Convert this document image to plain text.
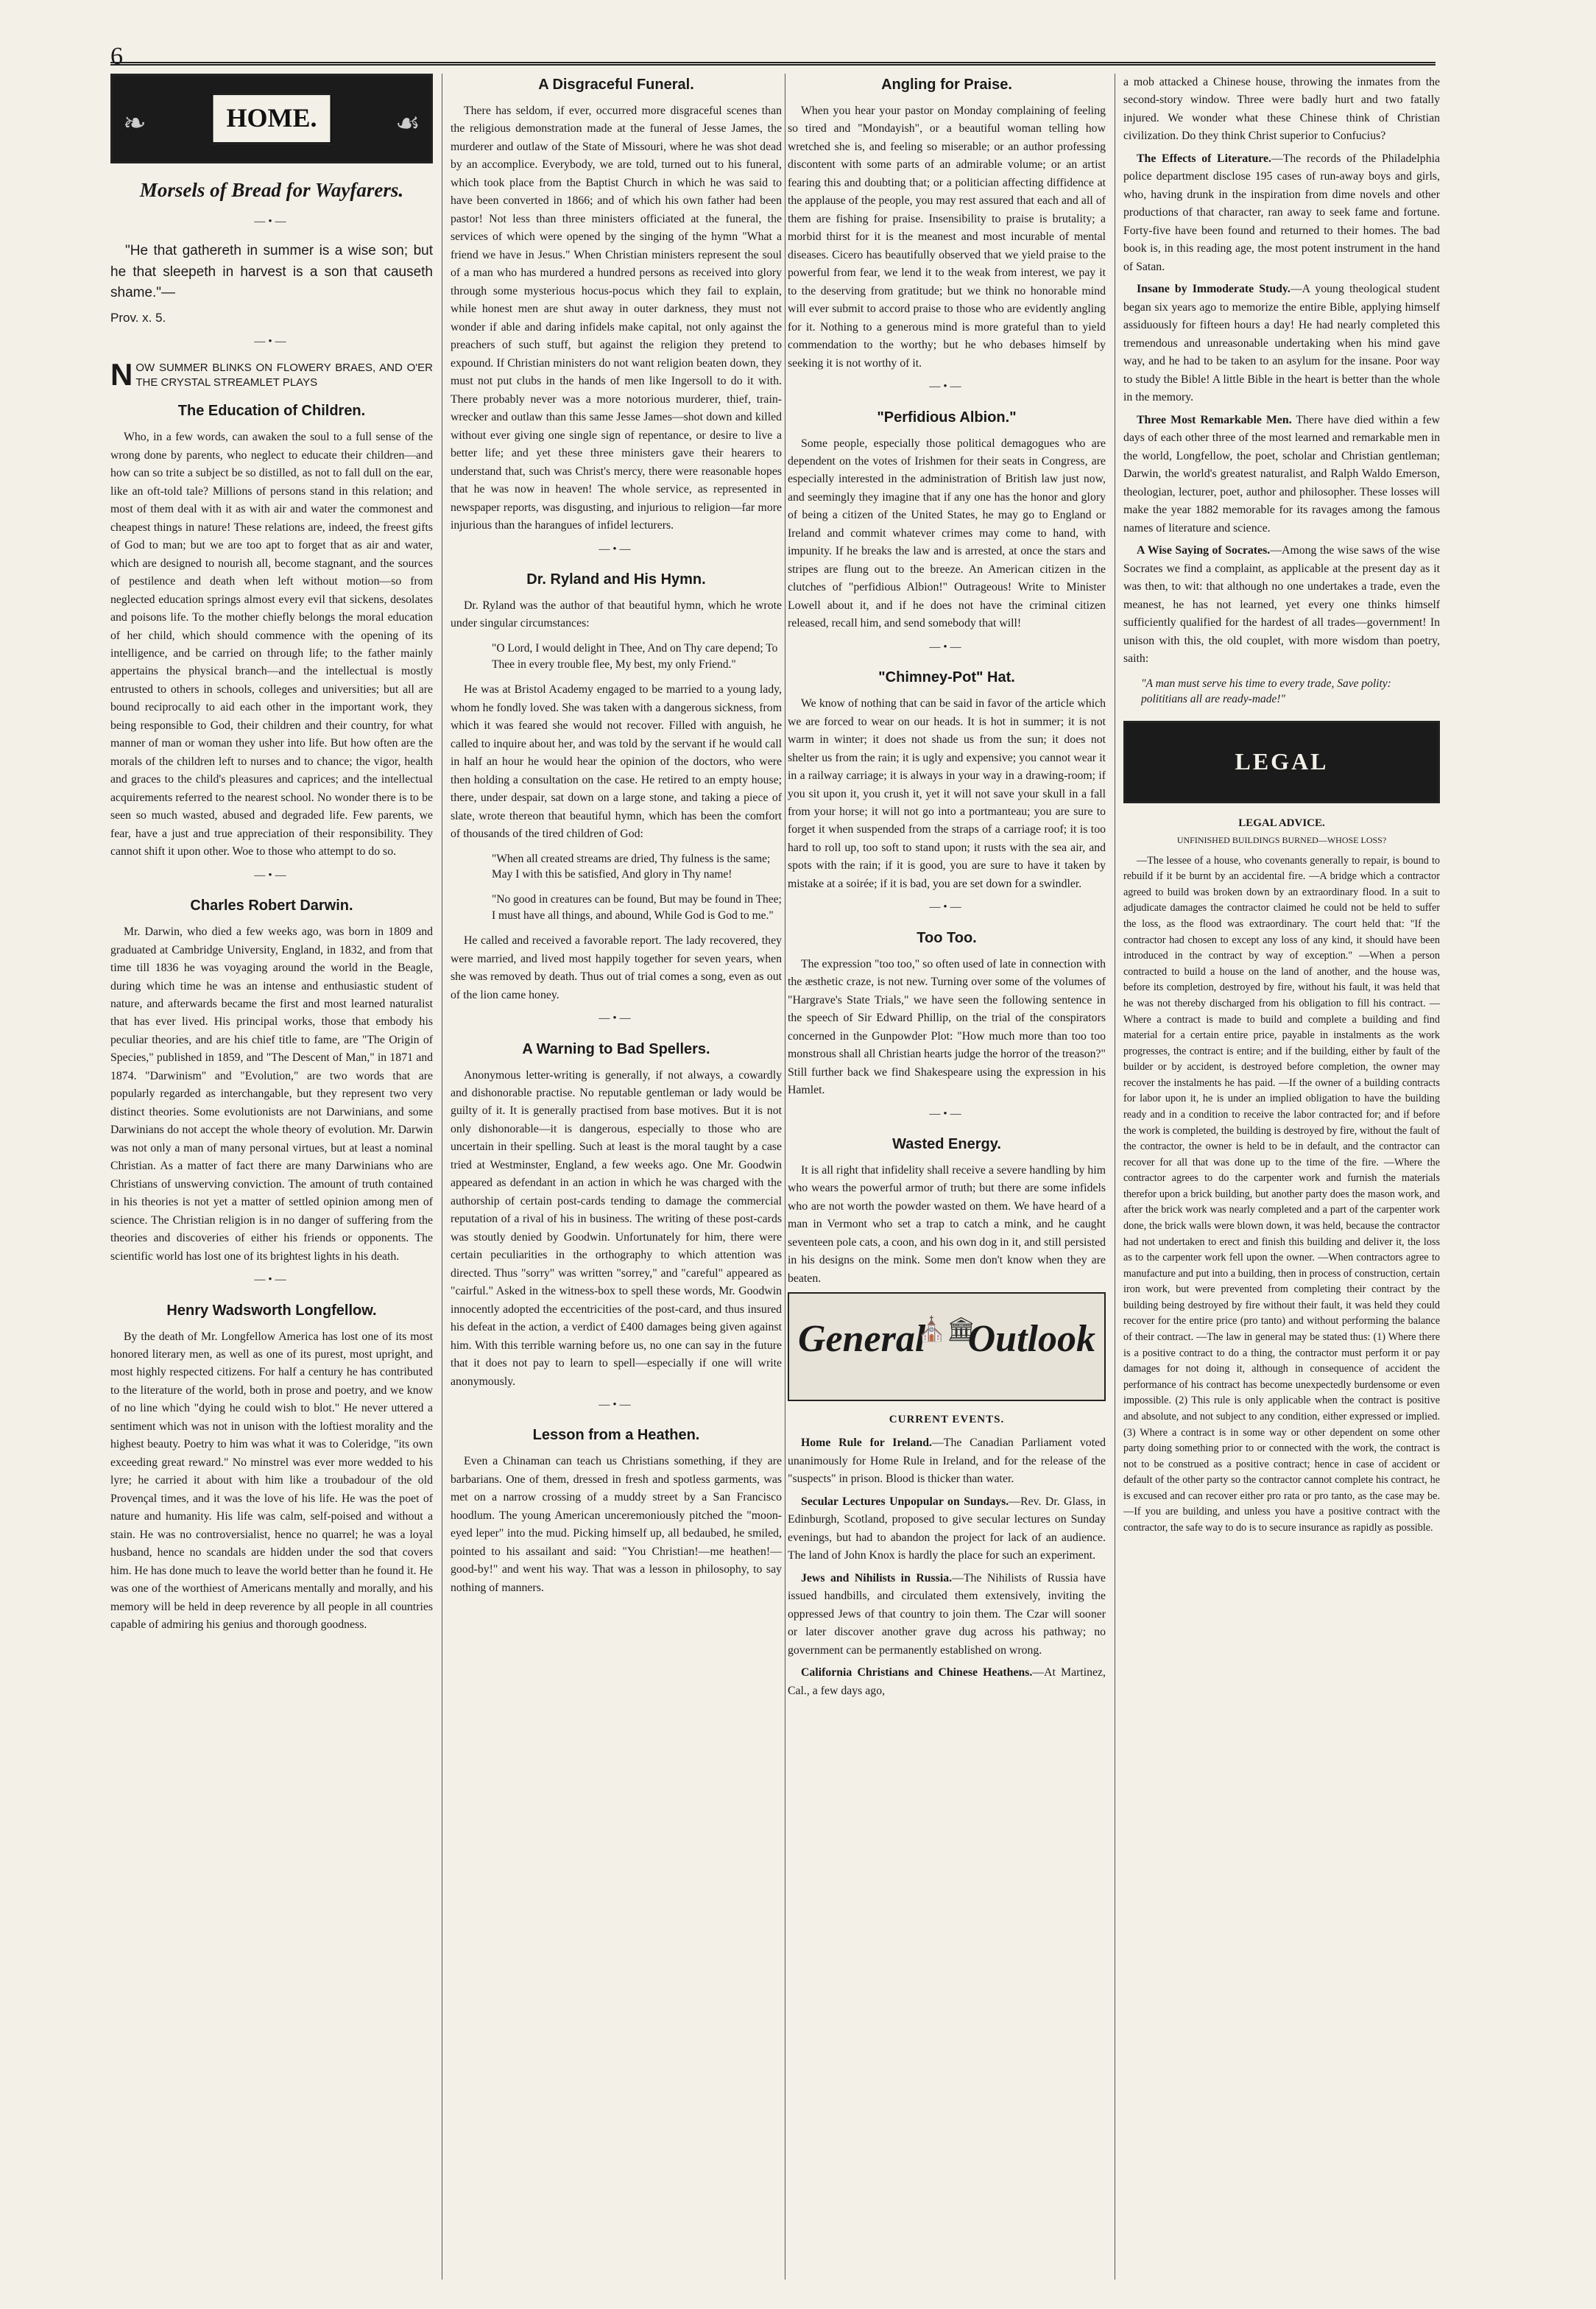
6
❧	HOME.	☙
Morsels of Bread for Wayfarers.
—•—
"He that gathereth in summer is a wise son; but he that sleepeth in harvest is a son that causeth shame."—
Prov. x. 5.
—•—
NOW SUMMER BLINKS ON FLOWERY BRAES, AND O'ER THE CRYSTAL STREAMLET PLAYS
The Education of Children.

Who, in a few words, can awaken the soul to a full sense of the wrong done by parents, who neglect to educate their children—and how can so trite a subject be so distilled, as not to fall dull on the ear, like an oft-told tale? Millions of persons stand in this relation; and most of them deal with it as with air and water the commonest and cheapest things in nature! These relations are, indeed, the freest gifts of God to man; but we are too apt to forget that as air and water, which are designed to nourish all, become stagnant, and the sources of pestilence and death when left without motion—so from neglected education springs almost every evil that sickens, desolates and poisons life. To the mother chiefly belongs the moral education of her child, which should commence with the opening of its intelligence, and be carried on through life; to the father mainly appertains the physical branch—and the intellectual is mostly entrusted to others in schools, colleges and universities; but all are bound reciprocally to aid each other in the important work, they being responsible to God, their children and their country, for what manner of man or woman they usher into life. But how often are the morals of the children left to nurses and to chance; the vigor, health and graces to the child's pleasures and caprices; and the intellectual acquirements referred to the nearest school. No wonder there is to be seen so much wasted, abused and degraded life. Few parents, we fear, have a just and true appreciation of their responsibility. They cannot shift it upon other. Woe to those who attempt to do so.

—•—
Charles Robert Darwin.

Mr. Darwin, who died a few weeks ago, was born in 1809 and graduated at Cambridge University, England, in 1832, and from that time till 1836 he was voyaging around the world in the Beagle, during which time he was an intense and enthusiastic student of nature, and afterwards became the first and most learned naturalist that has ever lived. His principal works, those that embody his peculiar theories, and are his chief title to fame, are "The Origin of Species," published in 1859, and "The Descent of Man," in 1871 and 1874. "Darwinism" and "Evolution," are two words that are popularly regarded as interchangable, but they represent two very distinct theories. Some evolutionists are not Darwinians, and some Darwinians do not accept the whole theory of evolution. Mr. Darwin was not only a man of many personal virtues, but at least a nominal Christian. As a matter of fact there are many Darwinians who are Christians of unswerving conviction. The amount of truth contained in his theories is not yet a matter of settled opinion among men of science. The Christian religion is in no danger of suffering from the theories and discoveries of either his friends or opponents. The scientific world has lost one of its brightest lights in his death.

—•—
Henry Wadsworth Longfellow.

By the death of Mr. Longfellow America has lost one of its most honored literary men, as well as one of its purest, most upright, and most highly respected citizens. For half a century he has contributed to the literature of the world, both in prose and poetry, and we know of no line which "dying he could wish to blot." He never uttered a sentiment which was not in unison with the loftiest morality and the highest beauty. Poetry to him was what it was to Coleridge, "its own exceeding great reward." No minstrel was ever more wedded to his lyre; he carried it about with him like a troubadour of the old Provençal times, and it was the love of his life. He was the poet of nature and humanity. His life was calm, self-poised and without a stain. He was no controversialist, hence no quarrel; he was a loyal husband, hence no scandals are hidden under the sod that covers him. He has done much to leave the world better than he found it. He was one of the worthiest of Americans mentally and morally, and his memory will be held in deep reverence by all people in all countries capable of admiring his genius and thorough goodness.

A Disgraceful Funeral.

There has seldom, if ever, occurred more disgraceful scenes than the religious demonstration made at the funeral of Jesse James, the murderer and outlaw of the State of Missouri, where he was shot dead by an accomplice. Everybody, we are told, turned out to his funeral, which took place from the Baptist Church in which he was said to have been converted in 1866; and of which his own father had been pastor! Not less than three ministers officiated at the funeral, the services of which were opened by the singing of the hymn "What a friend we have in Jesus." When Christian ministers represent the soul of a man who has murdered a hundred persons as received into glory through some mysterious hocus-pocus which they fail to explain, while honest men are shut away in outer darkness, they must not wonder if able and daring infidels make capital, not only against the preachers of such stuff, but against the religion they pretend to expound. If Christian ministers do not want religion beaten down, they must not put clubs in the hands of men like Ingersoll to do it with. There probably never was a more notorious murderer, thief, train-wrecker and outlaw than this same Jesse James—shot down and killed without ever giving one single sign of repentance, or desire to live a better life; and yet these three ministers gave their hearers to understand that, such was Christ's mercy, there were reasonable hopes that he was now in heaven! The whole service, as represented in newspaper reports, was disgusting, and injurious to religion—far more injurious than the harangues of infidel lecturers.

—•—
Dr. Ryland and His Hymn.

Dr. Ryland was the author of that beautiful hymn, which he wrote under singular circumstances:

"O Lord, I would delight in Thee, And on Thy care depend; To Thee in every trouble flee, My best, my only Friend."

He was at Bristol Academy engaged to be married to a young lady, whom he fondly loved. She was taken with a dangerous sickness, from which it was feared she would not recover. Filled with anguish, he called to inquire about her, and was told by the servant if he would call in half an hour he would hear the opinion of the doctors, who were then holding a consultation on the case. He retired to an empty house; there, under despair, sat down on a large stone, and taking a piece of slate, wrote thereon that beautiful hymn, which has been the comfort of thousands of the tired children of God:

"When all created streams are dried, Thy fulness is the same; May I with this be satisfied, And glory in Thy name!
"No good in creatures can be found, But may be found in Thee; I must have all things, and abound, While God is God to me."

He called and received a favorable report. The lady recovered, they were married, and lived most happily together for seven years, when she was removed by death. Thus out of trial comes a song, even as out of the lion came honey.

—•—
A Warning to Bad Spellers.

Anonymous letter-writing is generally, if not always, a cowardly and dishonorable practise. No reputable gentleman or lady would be guilty of it. It is generally practised from base motives. But it is not only dishonorable—it is dangerous, especially to those who are uncertain in their spelling. Such at least is the moral taught by a case tried at Westminster, England, a few weeks ago. One Mr. Goodwin appeared as defendant in an action in which he was charged with the authorship of certain post-cards tending to damage the commercial reputation of a rival of his in business. The writing of these post-cards was stoutly denied by Goodwin. Unfortunately for him, there were certain peculiarities in the orthography to which attention was directed. Thus "sorry" was written "sorrey," and "careful" appeared as "cairful." Asked in the witness-box to spell these words, Mr. Goodwin innocently adopted the eccentricities of the post-card, and thus insured his defeat in the action, a verdict of £400 damages being given against him. With this terrible warning before us, no one can say in the future that it does not pay to learn to spell—especially if one will write anonymously.

—•—
Lesson from a Heathen.

Even a Chinaman can teach us Christians something, if they are barbarians. One of them, dressed in fresh and spotless garments, was met on a narrow crossing of a muddy street by a San Francisco hoodlum. The young American unceremoniously pitched the "moon-eyed leper" into the mud. Picking himself up, all bedaubed, he smiled, pointed to his assailant and said: "You Christian!—me heathen!—good-by!" and went his way. That was a lesson in philosophy, to say nothing of manners.

Angling for Praise.

When you hear your pastor on Monday complaining of feeling so tired and "Mondayish", or a beautiful woman telling how wretched she is, and feeling so miserable; or an author professing discontent with some parts of an admirable volume; or an artist fearing this and doubting that; or a politician affecting diffidence at the applause of the people, you may rest assured that each and all of them are fishing for praise. Insensibility to praise is brutality; a morbid thirst for it is the meanest and most incurable of mental diseases. Cicero has beautifully observed that we yield praise to the powerful from fear, we lend it to the weak from interest, we pay it to the deserving from gratitude; but we think no honorable mind will ever submit to accord praise to those who are evidently angling for it. Nothing to a generous mind is more grateful than to yield commendation to the worthy; but he who debases himself by seeking it is not worthy of it.

—•—
"Perfidious Albion."

Some people, especially those political demagogues who are dependent on the votes of Irishmen for their seats in Congress, are especially interested in the administration of British law just now, and seemingly they imagine that if any one has the honor and glory of being a citizen of the United States, he may go to England or Ireland and commit whatever crimes may come to hand, with impunity. If he breaks the law and is arrested, at once the stars and stripes are flung out to the breeze. An American citizen in the clutches of "perfidious Albion!" Outrageous! Write to Minister Lowell about it, and if he does not have the criminal citizen released, recall him, and send somebody that will!

—•—
"Chimney-Pot" Hat.

We know of nothing that can be said in favor of the article which we are forced to wear on our heads. It is hot in summer; it is not warm in winter; it does not shade us from the sun; it does not shelter us from the rain; it is ugly and expensive; you cannot wear it in a railway carriage; it is always in your way in a drawing-room; if you sit upon it, you crush it, yet it will not save your skull in a fall from your horse; it will not go into a portmanteau; you are sure to forget it when suspended from the straps of a carriage roof; it is too hard to roll up, too soft to stand upon; it rusts with the sea air, and spots with the rain; if it is good, you are sure to have it taken by mistake at a soirée; if it is bad, you are set down for a swindler.

—•—
Too Too.

The expression "too too," so often used of late in connection with the æsthetic craze, is not new. Turning over some of the volumes of "Hargrave's State Trials," we have seen the following sentence in the speech of Sir Edward Phillip, on the trial of the conspirators concerned in the Gunpowder Plot: "How much more than too too monstrous shall all Christian hearts judge the horror of the treason?" Still further back we find Shakespeare using the expression in his Hamlet.

—•—
Wasted Energy.

It is all right that infidelity shall receive a severe handling by him who wears the powerful armor of truth; but there are some infidels who are not worth the powder wasted on them. We have heard of a man in Vermont who set a trap to catch a mink, and he caught seventeen pole cats, a coon, and his own dog in it, and still persisted in his designs on the mink. Some men don't know when they are beaten.

General
⛪🏛
Outlook
CURRENT EVENTS.

Home Rule for Ireland.—The Canadian Parliament voted unanimously for Home Rule in Ireland, and for the release of the "suspects" in prison. Blood is thicker than water.

Secular Lectures Unpopular on Sundays.—Rev. Dr. Glass, in Edinburgh, Scotland, proposed to give secular lectures on Sunday evenings, but had to abandon the project for lack of an audience. The land of John Knox is hardly the place for such an experiment.

Jews and Nihilists in Russia.—The Nihilists of Russia have issued handbills, and circulated them extensively, inviting the oppressed Jews of that country to join them. The Czar will sooner or later discover another grave dug across his pathway; no government can be permanently established on wrong.

California Christians and Chinese Heathens.—At Martinez, Cal., a few days ago,

a mob attacked a Chinese house, throwing the inmates from the second-story window. Three were badly hurt and two fatally injured. We wonder what these Chinese think of Christian civilization. Do they think Christ superior to Confucius?

The Effects of Literature.—The records of the Philadelphia police department disclose 195 cases of run-away boys and girls, who, having drunk in the inspiration from dime novels and other productions of that character, ran away to seek fame and fortune. Forty-five have been found and returned to their homes. The bad book is, in this reading age, the most potent instrument in the hand of Satan.

Insane by Immoderate Study.—A young theological student began six years ago to memorize the entire Bible, applying himself assiduously for fifteen hours a day! He had nearly completed this tremendous and unreasonable undertaking when his mind gave way, and he had to be taken to an asylum for the insane. Poor way to study the Bible! A little Bible in the heart is better than the whole in the memory.

Three Most Remarkable Men. There have died within a few days of each other three of the most learned and remarkable men in the world, Longfellow, the poet, scholar and Christian gentleman; Darwin, the world's greatest naturalist, and Ralph Waldo Emerson, theologian, lecturer, poet, author and philosopher. These losses will make the year 1882 memorable for its ravages among the famous names of literature and science.

A Wise Saying of Socrates.—Among the wise saws of the wise Socrates we find a complaint, as applicable at the present day as it was then, to wit: that although no one undertakes a trade, even the meanest, he has not learned, yet every one thinks himself sufficiently qualified for the hardest of all trades—government! In unison with this, the old couplet, with more wisdom than poetry, saith:

"A man must serve his time to every trade, Save polity: polititians all are ready-made!"
LEGAL
LEGAL ADVICE.
UNFINISHED BUILDINGS BURNED—WHOSE LOSS?

—The lessee of a house, who covenants generally to repair, is bound to rebuild if it be burnt by an accidental fire. —A bridge which a contractor agreed to build was broken down by an extraordinary flood. In a suit to adjudicate damages the contractor claimed he could not be held to suffer the loss, as the flood was extraordinary. The court held that: "If the contractor had chosen to except any loss of any kind, it should have been introduced in the contract by way of exception." —When a person contracted to build a house on the land of another, and the house was, before its completion, destroyed by fire, without his fault, it was held that he was not thereby discharged from his obligation to fill his contract. —Where a contract is made to build and complete a building and find material for a certain entire price, payable in instalments as the work progresses, the contract is entire; and if the building, either by fault of the builder or by accident, is destroyed before completion, the owner may recover the instalments he has paid. —If the owner of a building contracts for labor upon it, he is under an implied obligation to have the building ready and in a condition to receive the labor contracted for; and if before the work is completed, the building is destroyed by fire, without the fault of the contractor, the owner is held to be in default, and the contractor can recover for all that was done up to the time of the fire. —Where the contractor agrees to do the carpenter work and furnish the materials therefor upon a brick building, but another party does the mason work, and after the brick work was nearly completed and a part of the carpenter work done, the brick walls were blown down, it was held, because the contractor had not undertaken to erect and finish this building and deliver it, the loss as to the carpenter work fell upon the owner. —When contractors agree to manufacture and put into a building, then in process of construction, certain iron work, but were prevented from completing their contract by the building being destroyed by fire without their fault, it was held they could recover for the entire price (pro tanto) and without performing the balance of their contract. —The law in general may be stated thus: (1) Where there is a positive contract to do a thing, the contractor must perform it or pay damages for not doing it, although in consequence of accident the performance of his contract has become unexpectedly burdensome or even impossible. (2) This rule is only applicable when the contract is positive and absolute, and not subject to any condition, either expressed or implied. (3) Where a contract is in some way or other dependent on some other party doing something prior to or connected with the work, the contract is not to be construed as a positive contract; hence in case of accident or default of the other party so the contractor cannot complete his contract, he is excused and can recover either pro rata or pro tanto, as the case may be. —If you are building, and unless you have a positive contract with the contractor, the safe way to do is to secure insurance as rapidly as possible.
